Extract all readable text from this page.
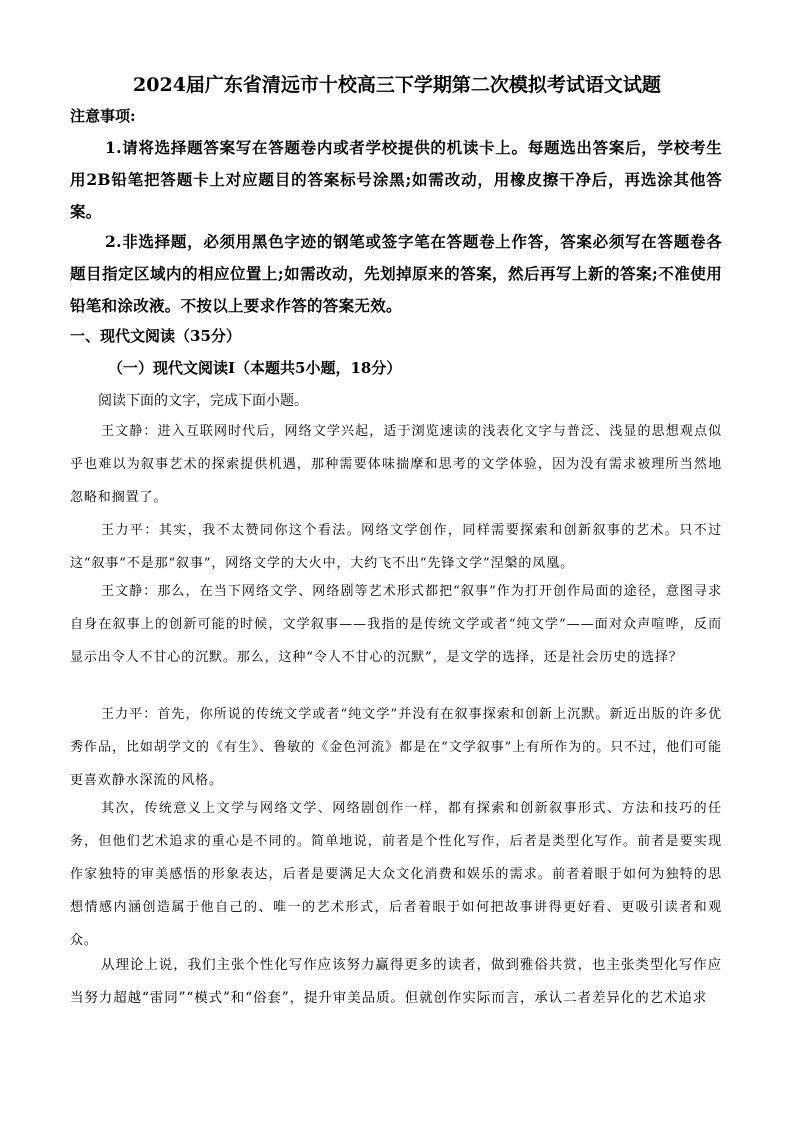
2024届广东省清远市十校高三下学期第二次模拟考试语文试题
注意事项:
1.请将选择题答案写在答题卷内或者学校提供的机读卡上。每题选出答案后，学校考生用2B铅笔把答题卡上对应题目的答案标号涂黑;如需改动，用橡皮擦干净后，再选涂其他答案。
2.非选择题，必须用黑色字迹的钢笔或签字笔在答题卷上作答，答案必须写在答题卷各题目指定区域内的相应位置上;如需改动，先划掉原来的答案，然后再写上新的答案;不准使用铅笔和涂改液。不按以上要求作答的答案无效。
一、现代文阅读（35分）
（一）现代文阅读Ⅰ（本题共5小题，18分）
阅读下面的文字，完成下面小题。
王文静：进入互联网时代后，网络文学兴起，适于浏览速读的浅表化文字与普泛、浅显的思想观点似乎也难以为叙事艺术的探索提供机遇，那种需要体味揣摩和思考的文学体验，因为没有需求被理所当然地忽略和搁置了。
王力平：其实，我不太赞同你这个看法。网络文学创作，同样需要探索和创新叙事的艺术。只不过这“叙事”不是那“叙事”，网络文学的大火中，大约飞不出“先锋文学”涅槃的凤凰。
王文静：那么，在当下网络文学、网络剧等艺术形式都把“叙事”作为打开创作局面的途径，意图寻求自身在叙事上的创新可能的时候，文学叙事——我指的是传统文学或者“纯文学”——面对众声喧哗，反而显示出令人不甘心的沉默。那么，这种“令人不甘心的沉默”，是文学的选择，还是社会历史的选择？
王力平：首先，你所说的传统文学或者“纯文学”并没有在叙事探索和创新上沉默。新近出版的许多优秀作品，比如胡学文的《有生》、鲁敏的《金色河流》都是在“文学叙事”上有所作为的。只不过，他们可能更喜欢静水深流的风格。
其次，传统意义上文学与网络文学、网络剧创作一样，都有探索和创新叙事形式、方法和技巧的任务，但他们艺术追求的重心是不同的。简单地说，前者是个性化写作，后者是类型化写作。前者是要实现作家独特的审美感悟的形象表达，后者是要满足大众文化消费和娱乐的需求。前者着眼于如何为独特的思想情感内涵创造属于他自己的、唯一的艺术形式，后者着眼于如何把故事讲得更好看、更吸引读者和观众。
从理论上说，我们主张个性化写作应该努力赢得更多的读者，做到雅俗共赏，也主张类型化写作应当努力超越“雷同”“模式”和“俗套”，提升审美品质。但就创作实际而言，承认二者差异化的艺术追求
